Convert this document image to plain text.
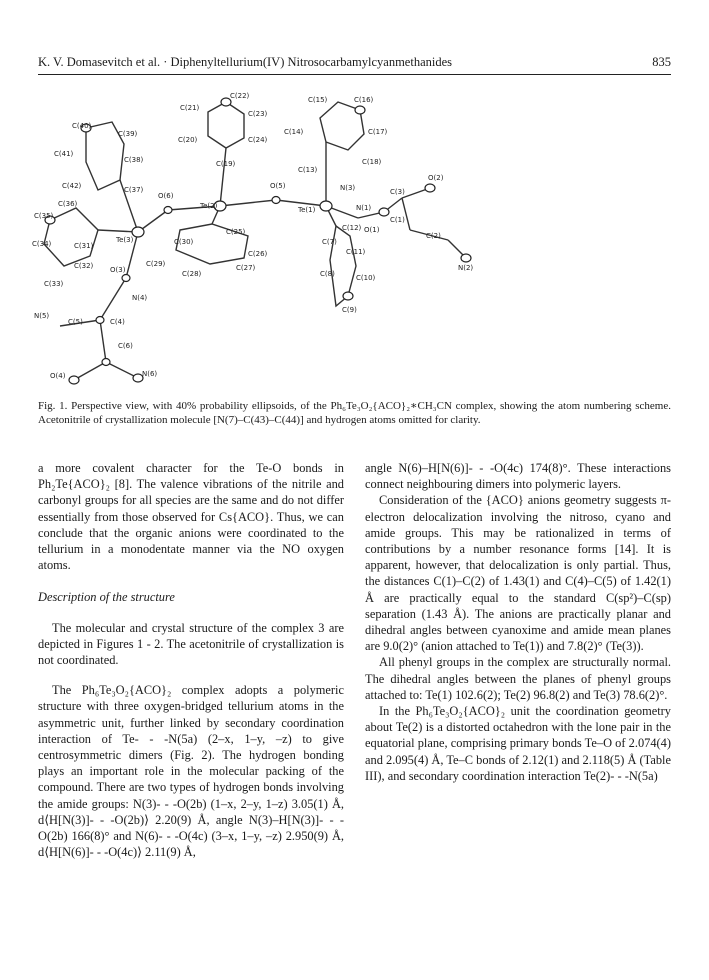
K. V. Domasevitch et al. · Diphenyltellurium(IV) Nitrosocarbamylcyanmethanides	835
C(22)
C(21)
C(23)
C(20)	C(24)
C(19)
C(15)	C(16)
C(14)	C(17)
C(13)
C(18)
C(40)
C(39)
C(41)
C(38)
C(42)	C(37)
C(36)
C(35)
C(34)	C(31)
C(32)
C(33)
O(6)
Te(2)
O(5)
Te(1)
Te(3)	C(30)
C(25)
C(29)
C(26)
C(27)
C(28)
O(3)
N(4)
N(5)
C(5)	C(4)
C(6)
O(4)	N(6)
N(3)	C(3)
O(2)
N(1)
C(1)
C(2)
N(2)
O(1)
C(12)
C(7)
C(11)
C(8)	C(10)
C(9)
Fig. 1. Perspective view, with 40% probability ellipsoids, of the Ph₆Te₃O₂{ACO}₂∗CH₃CN complex, showing the atom numbering scheme. Acetonitrile of crystallization molecule [N(7)–C(43)–C(44)] and hydrogen atoms omitted for clarity.

a more covalent character for the Te-O bonds in Ph₂Te{ACO}₂ [8]. The valence vibrations of the nitrile and carbonyl groups for all species are the same and do not differ essentially from those observed for Cs{ACO}. Thus, we can conclude that the organic anions were coordinated to the tellurium in a monodentate manner via the NO oxygen atoms.

Description of the structure

The molecular and crystal structure of the complex 3 are depicted in Figures 1 - 2. The acetonitrile of crystallization is not coordinated.

The Ph₆Te₃O₂{ACO}₂ complex adopts a polymeric structure with three oxygen-bridged tellurium atoms in the asymmetric unit, further linked by secondary coordination interaction of Te- - -N(5a) (2–x, 1–y, –z) to give centrosymmetric dimers (Fig. 2). The hydrogen bonding plays an important role in the molecular packing of the compound. There are two types of hydrogen bonds involving the amide groups: N(3)- - -O(2b) (1–x, 2–y, 1–z) 3.05(1) Å, d⟨H[N(3)]- - -O(2b)⟩ 2.20(9) Å, angle N(3)–H[N(3)]- - -O(2b) 166(8)° and N(6)- - -O(4c) (3–x, 1–y, –z) 2.950(9) Å, d⟨H[N(6)]- - -O(4c)⟩ 2.11(9) Å,

angle N(6)–H[N(6)]- - -O(4c) 174(8)°. These interactions connect neighbouring dimers into polymeric layers.

Consideration of the {ACO} anions geometry suggests π-electron delocalization involving the nitroso, cyano and amide groups. This may be rationalized in terms of contributions by a number resonance forms [14]. It is apparent, however, that delocalization is only partial. Thus, the distances C(1)–C(2) of 1.43(1) and C(4)–C(5) of 1.42(1) Å are practically equal to the standard C(sp²)–C(sp) separation (1.43 Å). The anions are practically planar and dihedral angles between cyanoxime and amide mean planes are 9.0(2)° (anion attached to Te(1)) and 7.8(2)° (Te(3)).

All phenyl groups in the complex are structurally normal. The dihedral angles between the planes of phenyl groups attached to: Te(1) 102.6(2); Te(2) 96.8(2) and Te(3) 78.6(2)°.

In the Ph₆Te₃O₂{ACO}₂ unit the coordination geometry about Te(2) is a distorted octahedron with the lone pair in the equatorial plane, comprising primary bonds Te–O of 2.074(4) and 2.095(4) Å, Te–C bonds of 2.12(1) and 2.118(5) Å (Table III), and secondary coordination interaction Te(2)- - -N(5a)
